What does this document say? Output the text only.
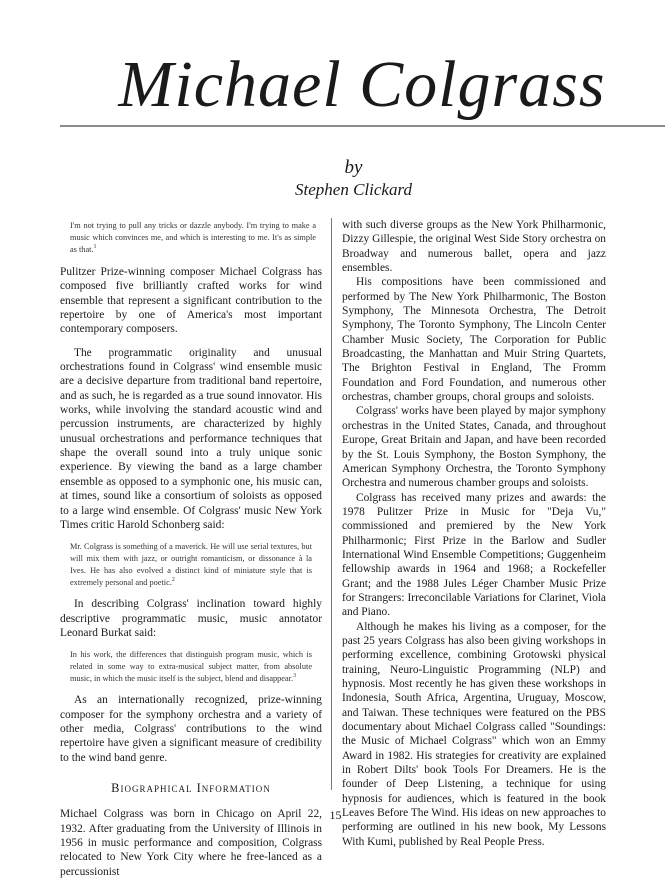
Michael Colgrass
by
Stephen Clickard

I'm not trying to pull any tricks or dazzle anybody. I'm trying to make a music which convinces me, and which is interesting to me. It's as simple as that.$^1$

Pulitzer Prize-winning composer Michael Colgrass has composed five brilliantly crafted works for wind ensemble that represent a significant contribution to the repertoire by one of America's most important contemporary composers.

The programmatic originality and unusual orchestrations found in Colgrass' wind ensemble music are a decisive departure from traditional band repertoire, and as such, he is regarded as a true sound innovator. His works, while involving the standard acoustic wind and percussion instruments, are characterized by highly unusual orchestrations and performance techniques that shape the overall sound into a truly unique sonic experience. By viewing the band as a large chamber ensemble as opposed to a symphonic one, his music can, at times, sound like a consortium of soloists as opposed to a large wind ensemble. Of Colgrass' music New York Times critic Harold Schonberg said:

Mr. Colgrass is something of a maverick. He will use serial textures, but will mix them with jazz, or outright romanticism, or dissonance à la Ives. He has also evolved a distinct kind of miniature style that is extremely personal and poetic.$^2$

In describing Colgrass' inclination toward highly descriptive programmatic music, music annotator Leonard Burkat said:

In his work, the differences that distinguish program music, which is related in some way to extra-musical subject matter, from absolute music, in which the music itself is the subject, blend and disappear.$^3$

As an internationally recognized, prize-winning composer for the symphony orchestra and a variety of other media, Colgrass' contributions to the wind repertoire have given a significant measure of credibility to the wind band genre.

Biographical Information

Michael Colgrass was born in Chicago on April 22, 1932. After graduating from the University of Illinois in 1956 in music performance and composition, Colgrass relocated to New York City where he free-lanced as a percussionist

with such diverse groups as the New York Philharmonic, Dizzy Gillespie, the original West Side Story orchestra on Broadway and numerous ballet, opera and jazz ensembles.

His compositions have been commissioned and performed by The New York Philharmonic, The Boston Symphony, The Minnesota Orchestra, The Detroit Symphony, The Toronto Symphony, The Lincoln Center Chamber Music Society, The Corporation for Public Broadcasting, the Manhattan and Muir String Quartets, The Brighton Festival in England, The Fromm Foundation and Ford Foundation, and numerous other orchestras, chamber groups, choral groups and soloists.

Colgrass' works have been played by major symphony orchestras in the United States, Canada, and throughout Europe, Great Britain and Japan, and have been recorded by the St. Louis Symphony, the Boston Symphony, the American Symphony Orchestra, the Toronto Symphony Orchestra and numerous chamber groups and soloists.

Colgrass has received many prizes and awards: the 1978 Pulitzer Prize in Music for "Deja Vu," commissioned and premiered by the New York Philharmonic; First Prize in the Barlow and Sudler International Wind Ensemble Competitions; Guggenheim fellowship awards in 1964 and 1968; a Rockefeller Grant; and the 1988 Jules Léger Chamber Music Prize for Strangers: Irreconcilable Variations for Clarinet, Viola and Piano.

Although he makes his living as a composer, for the past 25 years Colgrass has also been giving workshops in performing excellence, combining Grotowski physical training, Neuro-Linguistic Programming (NLP) and hypnosis. Most recently he has given these workshops in Indonesia, South Africa, Argentina, Uruguay, Moscow, and Taiwan. These techniques were featured on the PBS documentary about Michael Colgrass called "Soundings: the Music of Michael Colgrass" which won an Emmy Award in 1982. His strategies for creativity are explained in Robert Dilts' book Tools For Dreamers. He is the founder of Deep Listening, a technique for using hypnosis for audiences, which is featured in the book Leaves Before The Wind. His ideas on new approaches to performing are outlined in his new book, My Lessons With Kumi, published by Real People Press.

15
